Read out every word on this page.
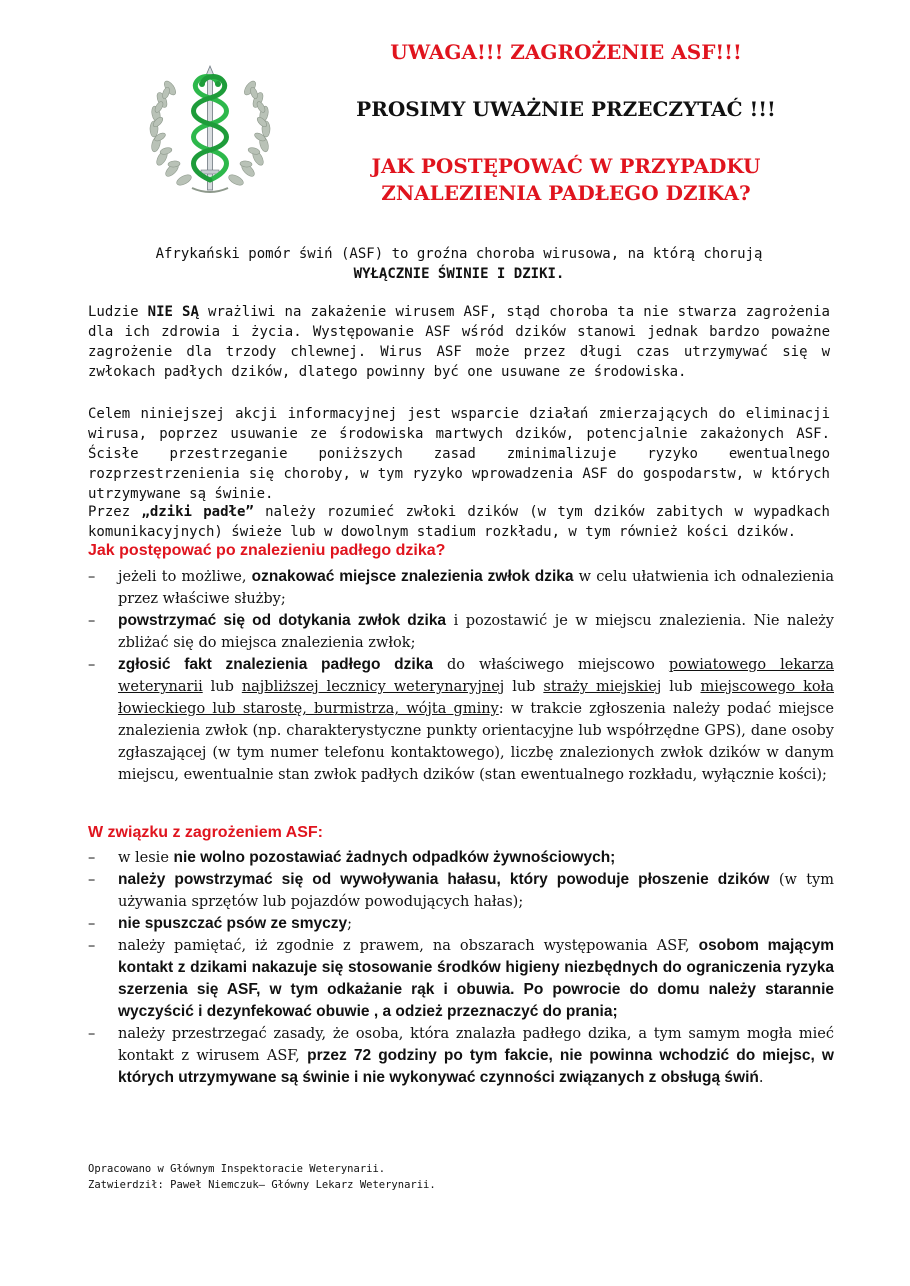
UWAGA!!! ZAGROŻENIE ASF!!!
PROSIMY UWAŻNIE PRZECZYTAĆ !!!
JAK POSTĘPOWAĆ W PRZYPADKU
ZNALEZIENIA PADŁEGO DZIKA?
Afrykański pomór świń (ASF) to groźna choroba wirusowa, na którą chorują
WYŁĄCZNIE ŚWINIE I DZIKI.
Ludzie NIE SĄ wrażliwi na zakażenie wirusem ASF, stąd choroba ta nie stwarza zagrożenia dla ich zdrowia i życia. Występowanie ASF wśród dzików stanowi jednak bardzo poważne zagrożenie dla trzody chlewnej. Wirus ASF może przez długi czas utrzymywać się w zwłokach padłych dzików, dlatego powinny być one usuwane ze środowiska.
Celem niniejszej akcji informacyjnej jest wsparcie działań zmierzających do eliminacji wirusa, poprzez usuwanie ze środowiska martwych dzików, potencjalnie zakażonych ASF. Ścisłe przestrzeganie poniższych zasad zminimalizuje ryzyko ewentualnego rozprzestrzenienia się choroby, w tym ryzyko wprowadzenia ASF do gospodarstw, w których utrzymywane są świnie.
Przez „dziki padłe” należy rozumieć zwłoki dzików (w tym dzików zabitych w wypadkach komunikacyjnych) świeże lub w dowolnym stadium rozkładu, w tym również kości dzików.
Jak postępować po znalezieniu padłego dzika?
– jeżeli to możliwe, oznakować miejsce znalezienia zwłok dzika w celu ułatwienia ich odnalezienia przez właściwe służby;
– powstrzymać się od dotykania zwłok dzika i pozostawić je w miejscu znalezienia. Nie należy zbliżać się do miejsca znalezienia zwłok;
– zgłosić fakt znalezienia padłego dzika do właściwego miejscowo powiatowego lekarza weterynarii lub najbliższej lecznicy weterynaryjnej lub straży miejskiej lub miejscowego koła łowieckiego lub starostę, burmistrza, wójta gminy: w trakcie zgłoszenia należy podać miejsce znalezienia zwłok (np. charakterystyczne punkty orientacyjne lub współrzędne GPS), dane osoby zgłaszającej (w tym numer telefonu kontaktowego), liczbę znalezionych zwłok dzików w danym miejscu, ewentualnie stan zwłok padłych dzików (stan ewentualnego rozkładu, wyłącznie kości);
W związku z zagrożeniem ASF:
– w lesie nie wolno pozostawiać żadnych odpadków żywnościowych;
– należy powstrzymać się od wywoływania hałasu, który powoduje płoszenie dzików (w tym używania sprzętów lub pojazdów powodujących hałas);
– nie spuszczać psów ze smyczy;
– należy pamiętać, iż zgodnie z prawem, na obszarach występowania ASF, osobom mającym kontakt z dzikami nakazuje się stosowanie środków higieny niezbędnych do ograniczenia ryzyka szerzenia się ASF, w tym odkażanie rąk i obuwia. Po powrocie do domu należy starannie wyczyścić i dezynfekować obuwie , a odzież przeznaczyć do prania;
– należy przestrzegać zasady, że osoba, która znalazła padłego dzika, a tym samym mogła mieć kontakt z wirusem ASF, przez 72 godziny po tym fakcie, nie powinna wchodzić do miejsc, w których utrzymywane są świnie i nie wykonywać czynności związanych z obsługą świń.
Opracowano w Głównym Inspektoracie Weterynarii.
Zatwierdził: Paweł Niemczuk– Główny Lekarz Weterynarii.
